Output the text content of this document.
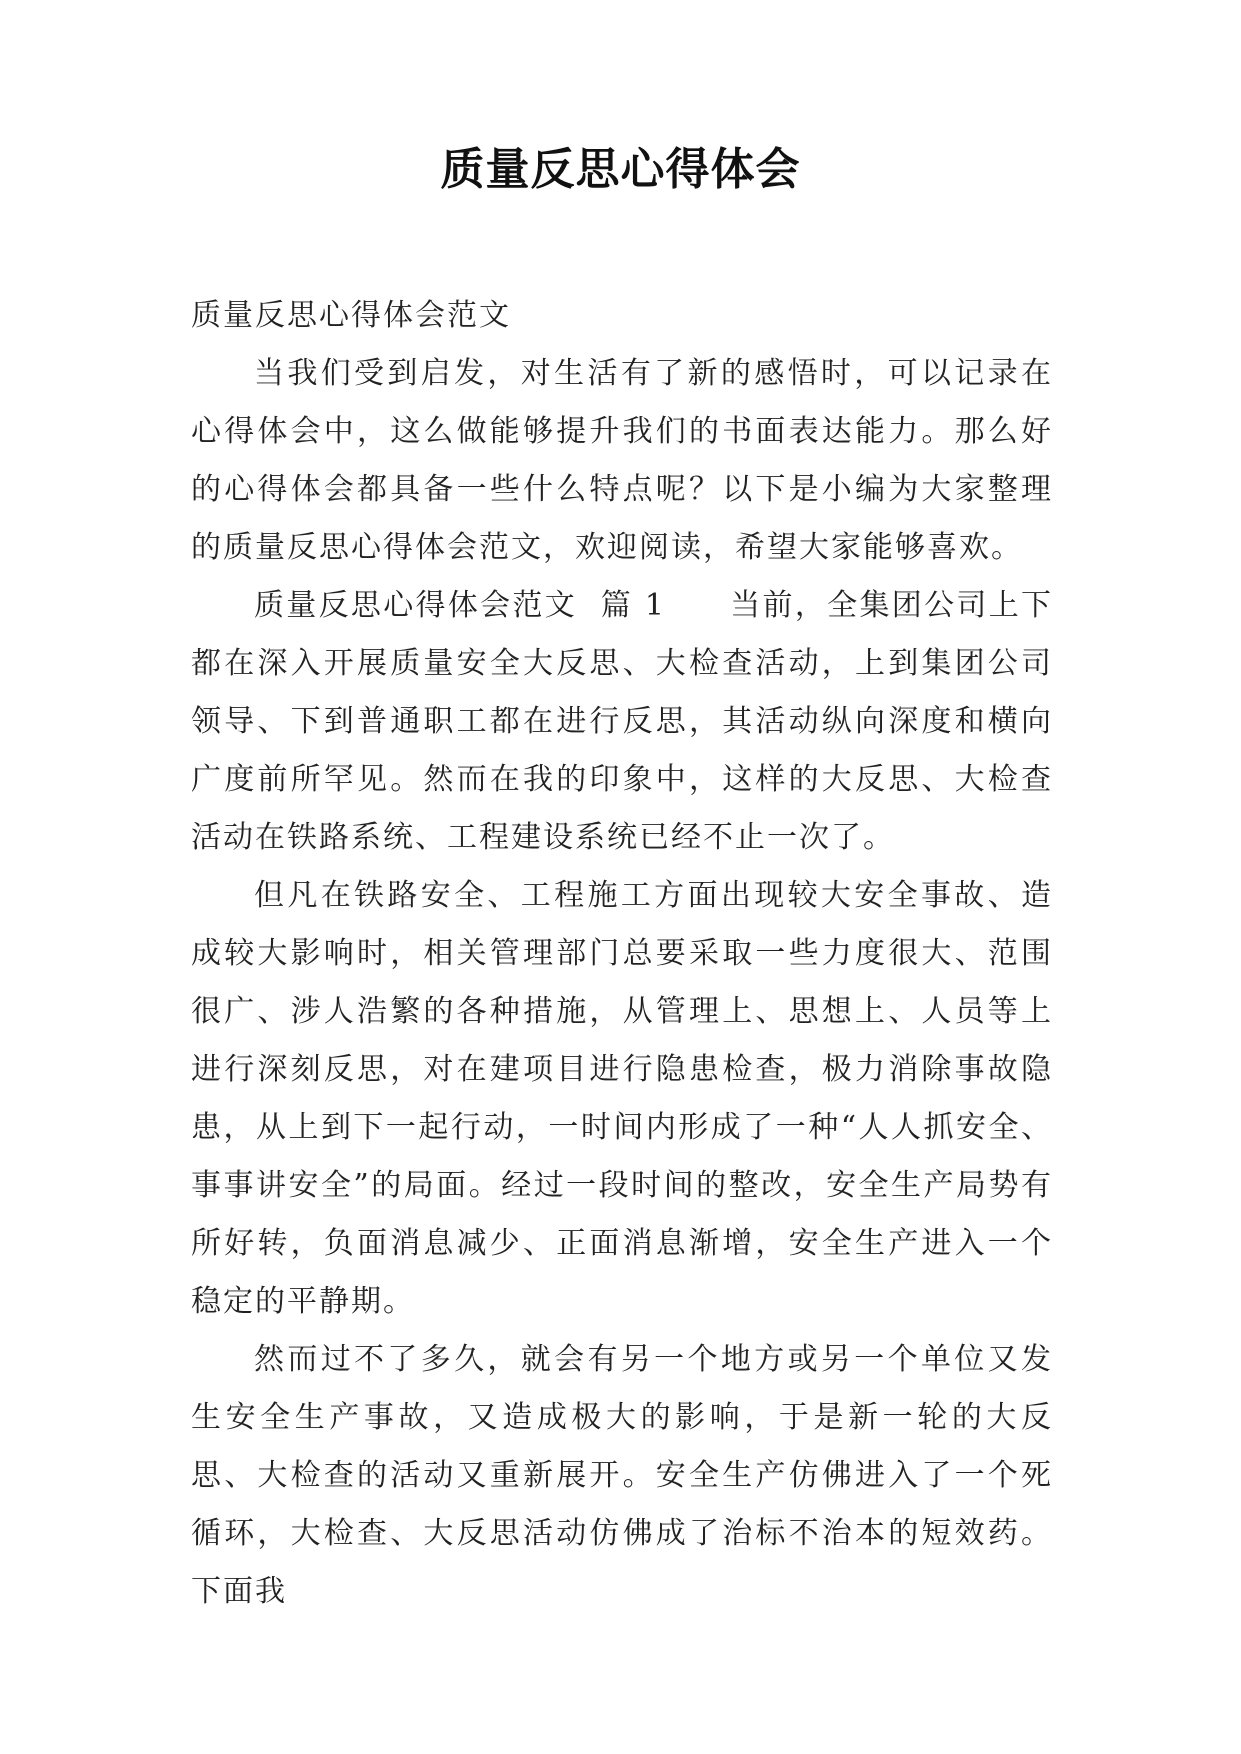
质量反思心得体会

质量反思心得体会范文

当我们受到启发，对生活有了新的感悟时，可以记录在心得体会中，这么做能够提升我们的书面表达能力。那么好的心得体会都具备一些什么特点呢？以下是小编为大家整理的质量反思心得体会范文，欢迎阅读，希望大家能够喜欢。

质量反思心得体会范文  篇 1 当前，全集团公司上下都在深入开展质量安全大反思、大检查活动，上到集团公司领导、下到普通职工都在进行反思，其活动纵向深度和横向广度前所罕见。然而在我的印象中，这样的大反思、大检查活动在铁路系统、工程建设系统已经不止一次了。

但凡在铁路安全、工程施工方面出现较大安全事故、造成较大影响时，相关管理部门总要采取一些力度很大、范围很广、涉人浩繁的各种措施，从管理上、思想上、人员等上进行深刻反思，对在建项目进行隐患检查，极力消除事故隐患，从上到下一起行动，一时间内形成了一种“人人抓安全、事事讲安全”的局面。经过一段时间的整改，安全生产局势有所好转，负面消息减少、正面消息渐增，安全生产进入一个稳定的平静期。

然而过不了多久，就会有另一个地方或另一个单位又发生安全生产事故，又造成极大的影响，于是新一轮的大反思、大检查的活动又重新展开。安全生产仿佛进入了一个死循环，大检查、大反思活动仿佛成了治标不治本的短效药。下面我
